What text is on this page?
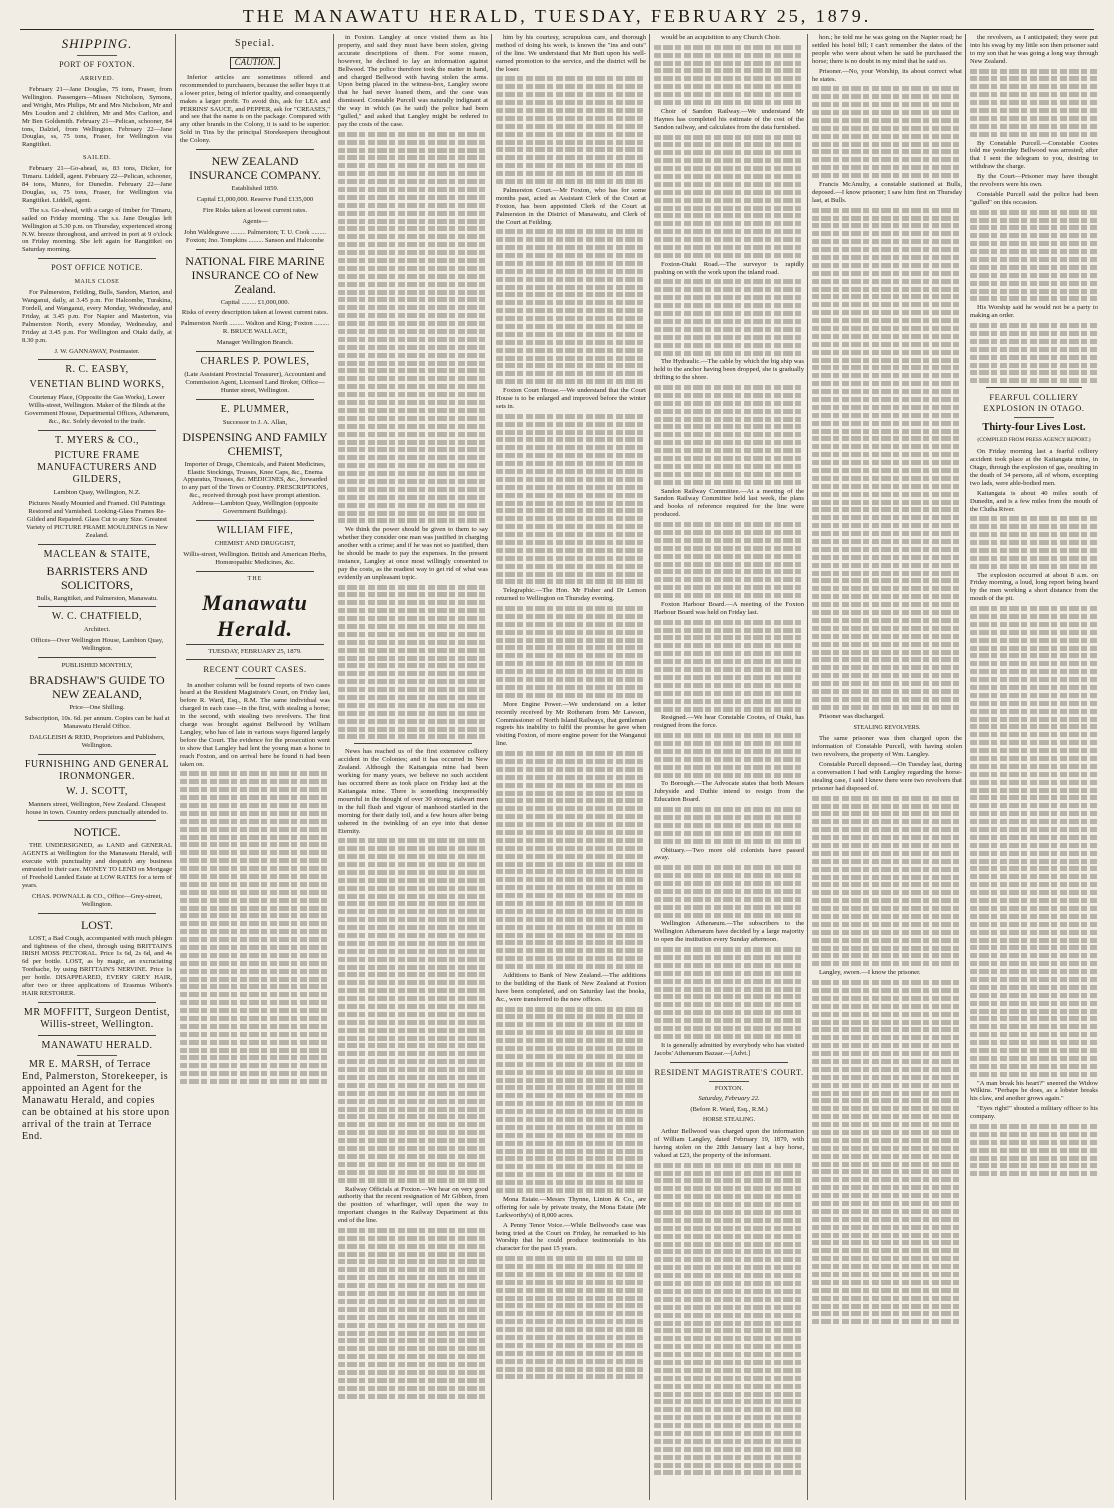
THE MANAWATU HERALD, TUESDAY, FEBRUARY 25, 1879.
SHIPPING.
PORT OF FOXTON.
ARRIVED.

February 21—Jane Douglas, 75 tons, Fraser, from Wellington. Passengers—Misses Nicholson, Symons, and Wright, Mrs Philips, Mr and Mrs Nicholson, Mr and Mrs Loudon and 2 children, Mr and Mrs Carlton, and Mr Ben Goldsmith. February 21—Pelican, schooner, 84 tons, Dalziel, from Wellington. February 22—Jane Douglas, ss, 75 tons, Fraser, for Wellington via Rangitikei.

SAILED.

February 21—Go-ahead, ss, 83 tons, Dicker, for Timaru. Liddell, agent. February 22—Pelican, schooner, 84 tons, Munro, for Dunedin. February 22—Jane Douglas, ss, 75 tons, Fraser, for Wellington via Rangitikei. Liddell, agent.

The s.s. Go-ahead, with a cargo of timber for Timaru, sailed on Friday morning. The s.s. Jane Douglas left Wellington at 5.30 p.m. on Thursday, experienced strong N.W. breeze throughout, and arrived in port at 9 o'clock on Friday morning. She left again for Rangitikei on Saturday morning.

POST OFFICE NOTICE.
MAILS CLOSE

For Palmerston, Feilding, Bulls, Sandon, Marton, and Wanganui, daily, at 3.45 p.m. For Halcombe, Turakina, Fordell, and Wanganui, every Monday, Wednesday, and Friday, at 3.45 p.m. For Napier and Masterton, via Palmerston North, every Monday, Wednesday, and Friday at 3.45 p.m. For Wellington and Otaki daily, at 8.30 p.m.

J. W. GANNAWAY, Postmaster.
R. C. EASBY,
VENETIAN BLIND WORKS,
Courtenay Place, (Opposite the Gas Works), Lower Willis-street, Wellington. Maker of the Blinds at the Government House, Departmental Offices, Athenæum, &c., &c. Solely devoted to the trade.
T. MYERS & CO.,
PICTURE FRAME MANUFACTURERS AND GILDERS,
Lambton Quay, Wellington, N.Z.
Pictures Neatly Mounted and Framed. Oil Paintings Restored and Varnished. Looking-Glass Frames Re-Gilded and Repaired. Glass Cut to any Size. Greatest Variety of PICTURE FRAME MOULDINGS in New Zealand.
MACLEAN & STAITE,
BARRISTERS AND SOLICITORS,
Bulls, Rangitikei, and Palmerston, Manawatu.
W. C. CHATFIELD,
Architect.
Offices—Over Wellington House, Lambton Quay, Wellington.
PUBLISHED MONTHLY,
BRADSHAW'S GUIDE TO NEW ZEALAND,
Price—One Shilling.
Subscription, 10s. 6d. per annum. Copies can be had at Manawatu Herald Office.
DALGLEISH & REID, Proprietors and Publishers, Wellington.
FURNISHING AND GENERAL IRONMONGER.
W. J. SCOTT,
Manners street, Wellington, New Zealand. Cheapest house in town. Country orders punctually attended to.
NOTICE.

THE UNDERSIGNED, as LAND and GENERAL AGENTS at Wellington for the Manawatu Herald, will execute with punctuality and despatch any business entrusted to their care. MONEY TO LEND on Mortgage of Freehold Landed Estate at LOW RATES for a term of years.

CHAS. POWNALL & CO., Office—Grey-street, Wellington.
LOST.

LOST, a Bad Cough, accompanied with much phlegm and tightness of the chest, through using BRITTAIN'S IRISH MOSS PECTORAL. Price 1s 6d, 2s 6d, and 4s 6d per bottle. LOST, as by magic, an excruciating Toothache, by using BRITTAIN'S NERVINE. Price 1s per bottle. DISAPPEARED, EVERY GREY HAIR, after two or three applications of Erasmus Wilson's HAIR RESTORER.

MR MOFFITT, Surgeon Dentist, Willis-street, Wellington.
MANAWATU HERALD.

MR E. MARSH, of Terrace End, Palmerston, Storekeeper, is appointed an Agent for the Manawatu Herald, and copies can be obtained at his store upon arrival of the train at Terrace End.

Special.
CAUTION.

Inferior articles are sometimes offered and recommended to purchasers, because the seller buys it at a lower price, being of inferior quality, and consequently makes a larger profit. To avoid this, ask for LEA and PERRINS' SAUCE, and PEPPER, ask for "CREASES," and see that the name is on the package. Compared with any other brands in the Colony, it is said to be superior. Sold in Tins by the principal Storekeepers throughout the Colony.

NEW ZEALAND INSURANCE COMPANY.
Established 1859.
Capital £1,000,000. Reserve Fund £135,000
Fire Risks taken at lowest current rates.
Agents—
John Waldegrave ......... Palmerston; T. U. Cook ......... Foxton; Jno. Tompkins ......... Sanson and Halcombe
NATIONAL FIRE MARINE INSURANCE CO of New Zealand.
Capital ......... £1,000,000.
Risks of every description taken at lowest current rates.
Palmerston North ......... Walton and King; Foxton ......... R. BRUCE WALLACE,
Manager Wellington Branch.
CHARLES P. POWLES,
(Late Assistant Provincial Treasurer), Accountant and Commission Agent, Licensed Land Broker, Office—Hunter street, Wellington.
E. PLUMMER,
Successor to J. A. Allan,
DISPENSING AND FAMILY CHEMIST,
Importer of Drugs, Chemicals, and Patent Medicines, Elastic Stockings, Trusses, Knee Caps, &c., Enema Apparatus, Trusses, &c. MEDICINES, &c., forwarded to any part of the Town or Country. PRESCRIPTIONS, &c., received through post have prompt attention. Address—Lambton Quay, Wellington (opposite Government Buildings).
WILLIAM FIFE,
CHEMIST AND DRUGGIST,
Willis-street, Wellington. British and American Herbs, Homœopathic Medicines, &c.
THE
Manawatu Herald.
TUESDAY, FEBRUARY 25, 1879.
RECENT COURT CASES.

In another column will be found reports of two cases heard at the Resident Magistrate's Court, on Friday last, before R. Ward, Esq., R.M. The same individual was charged in each case—in the first, with stealing a horse; in the second, with stealing two revolvers. The first charge was brought against Bellwood by William Langley, who has of late in various ways figured largely before the Court. The evidence for the prosecution went to show that Langley had lent the young man a horse to reach Foxton, and on arrival here he found it had been taken on.

in Foxton. Langley at once visited them as his property, and said they must have been stolen, giving accurate descriptions of them. For some reason, however, he declined to lay an information against Bellwood. The police therefore took the matter in hand, and charged Bellwood with having stolen the arms. Upon being placed in the witness-box, Langley swore that he had never loaned them, and the case was dismissed. Constable Purcell was naturally indignant at the way in which (as he said) the police had been "gulled," and asked that Langley might be ordered to pay the costs of the case.

We think the power should be given to them to say whether they consider one man was justified in charging another with a crime; and if he was not so justified, then he should be made to pay the expenses. In the present instance, Langley at once most willingly consented to pay the costs, as the readiest way to get rid of what was evidently an unpleasant topic.

News has reached us of the first extensive colliery accident in the Colonies; and it has occurred in New Zealand. Although the Kaitangata mine had been working for many years, we believe no such accident has occurred there as took place on Friday last at the Kaitangata mine. There is something inexpressibly mournful in the thought of over 30 strong, stalwart men in the full flush and vigour of manhood startled in the morning for their daily toil, and a few hours after being ushered in the twinkling of an eye into that dense Eternity.

Railway Officials at Foxton.—We hear on very good authority that the recent resignation of Mr Gibbon, from the position of wharfinger, will open the way to important changes in the Railway Department at this end of the line.

him by his courtesy, scrupulous care, and thorough method of doing his work, is known the "ins and outs" of the line. We understand that Mr Butt upon his well-earned promotion to the service, and the district will be the loser.

Palmerston Court.—Mr Foxton, who has for some months past, acted as Assistant Clerk of the Court at Foxton, has been appointed Clerk of the Court at Palmerston in the District of Manawatu, and Clerk of the Court at Feilding.

Foxton Court House.—We understand that the Court House is to be enlarged and improved before the winter sets in.

Telegraphic.—The Hon. Mr Fisher and Dr Lemon returned to Wellington on Thursday evening.

More Engine Power.—We understand on a letter recently received by Mr Rotheram from Mr Lawson, Commissioner of North Island Railways, that gentleman regrets his inability to fulfil the promise he gave when visiting Foxton, of more engine power for the Wanganui line.

Additions to Bank of New Zealand.—The additions to the building of the Bank of New Zealand at Foxton have been completed, and on Saturday last the books, &c., were transferred to the new offices.

Mona Estate.—Messrs Thynne, Linton & Co., are offering for sale by private treaty, the Mona Estate (Mr Larkworthy's) of 8,000 acres.

A Penny Tenor Voice.—While Bellwood's case was being tried at the Court on Friday, he remarked to his Worship that he could produce testimonials to his character for the past 15 years.

would be an acquisition to any Church Choir.

Choir of Sandon Railway.—We understand Mr Haynes has completed his estimate of the cost of the Sandon railway, and calculates from the data furnished.

Foxton-Otaki Road.—The surveyor is rapidly pushing on with the work upon the inland road.

The Hydraulic.—The cable by which the big ship was held to the anchor having been dropped, she is gradually drifting to the shore.

Sandon Railway Committee.—At a meeting of the Sandon Railway Committee held last week, the plans and books of reference required for the line were produced.

Foxton Harbour Board.—A meeting of the Foxton Harbour Board was held on Friday last.

Resigned.—We hear Constable Cootes, of Otaki, has resigned from the force.

To Borough.—The Advocate states that both Messrs Jubryside and Duthie intend to resign from the Education Board.

Obituary.—Two more old colonists have passed away.

Wellington Athenæum.—The subscribers to the Wellington Athenæum have decided by a large majority to open the institution every Sunday afternoon.

It is generally admitted by everybody who has visited Jacobs' Athenæum Bazaar.—[Advt.]

RESIDENT MAGISTRATE'S COURT.
FOXTON.
Saturday, February 22.
(Before R. Ward, Esq., R.M.)
HORSE STEALING.

Arthur Bellwood was charged upon the information of William Langley, dated February 19, 1879, with having stolen on the 28th January last a bay horse, valued at £23, the property of the informant.

hon.; he told me he was going on the Napier road; he settled his hotel bill; I can't remember the dates of the people who were about when he said he purchased the horse; there is no doubt in my mind that he said so.

Prisoner.—No, your Worship, its about correct what he states.

Francis McAnulty, a constable stationed at Bulls, deposed.—I know prisoner; I saw him first on Thursday last, at Bulls.

Prisoner was discharged.

STEALING REVOLVERS.

The same prisoner was then charged upon the information of Constable Purcell, with having stolen two revolvers, the property of Wm. Langley.

Constable Purcell deposed.—On Tuesday last, during a conversation I had with Langley regarding the horse-stealing case, I said I knew there were two revolvers that prisoner had disposed of.

Langley, sworn.—I know the prisoner.

the revolvers, as I anticipated; they were put into his swag by my little son then prisoner said to my son that he was going a long way through New Zealand.

By Constable Purcell.—Constable Cootes told me yesterday Bellwood was arrested; after that I sent the telegram to you, desiring to withdraw the charge.

By the Court—Prisoner may have thought the revolvers were his own.

Constable Purcell said the police had been "gulled" on this occasion.

His Worship said he would not be a party to making an order.

FEARFUL COLLIERY EXPLOSION IN OTAGO.
Thirty-four Lives Lost.
(COMPILED FROM PRESS AGENCY REPORT.)

On Friday morning last a fearful colliery accident took place at the Kaitangata mine, in Otago, through the explosion of gas, resulting in the death of 34 persons, all of whom, excepting two lads, were able-bodied men.

Kaitangata is about 40 miles south of Dunedin, and is a few miles from the mouth of the Clutha River.

The explosion occurred at about 8 a.m. on Friday morning, a loud, long report being heard by the men working a short distance from the mouth of the pit.

"A man break his heart?" sneered the Widow Wilkins. "Perhaps he does, as a lobster breaks his claw, and another grows again."

"Eyes right!" shouted a military officer to his company.
